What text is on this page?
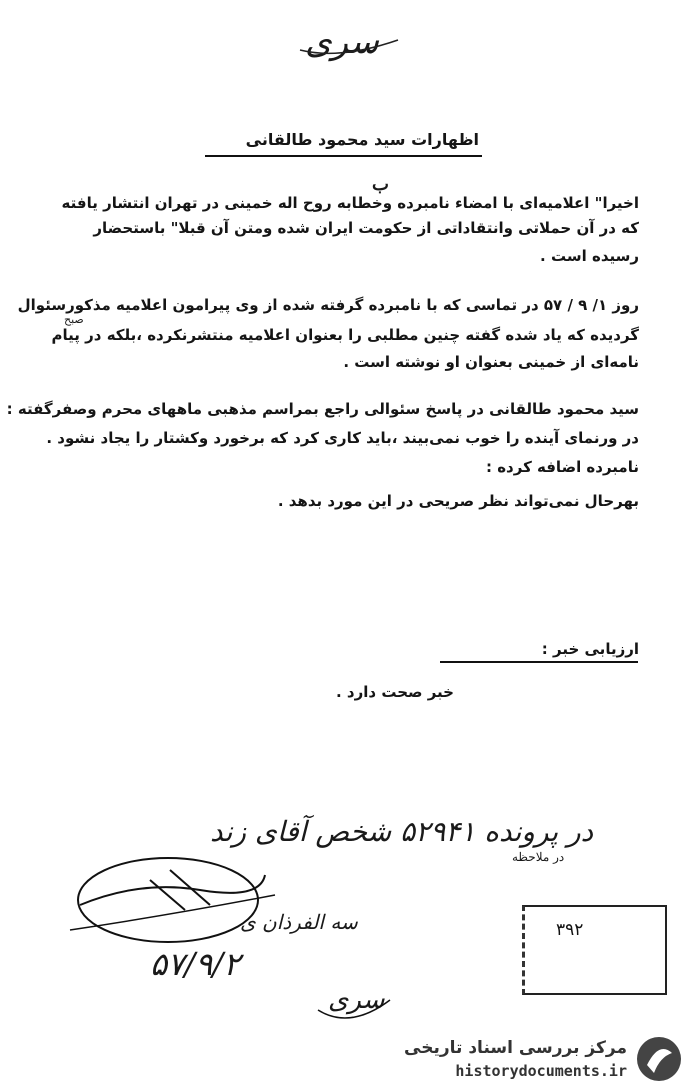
سری
اظهارات سید محمود طالقانی
ب
اخیرا" اعلامیه‌ای با امضاء نامبرده وخطابه روح اله خمینی در تهران انتشار یافته
که در آن حملاتی وانتقاداتی از حکومت ایران شده ومتن آن قبلا" باستحضار
رسیده است .
روز ۱/ ۹ / ۵۷ در تماسی که با نامبرده گرفته شده از وی پیرامون اعلامیه مذکورسئوال
صبح
گردیده که یاد شده گفته چنین مطلبی را بعنوان اعلامیه منتشرنکرده ،بلکه در پیام
نامه‌ای از خمینی بعنوان او نوشته است .
سید محمود طالقانی در پاسخ سئوالی راجع بمراسم مذهبی ماههای محرم وصفرگفته :
در ورنمای آینده را خوب نمی‌بیند ،باید کاری کرد که برخورد وکشتار را یجاد نشود .
نامبرده اضافه کرده :
بهرحال نمی‌تواند نظر صریحی در این مورد بدهد .
ارزیابی خبر :
خبر صحت دارد .
در پرونده ۵۲۹۴۱ شخص آقای زند
در ملاحظه
سه الفرذان ی
۵۷/۹/۲
سری
۳۹۲
مرکز بررسی اسناد تاریخی
historydocuments.ir
